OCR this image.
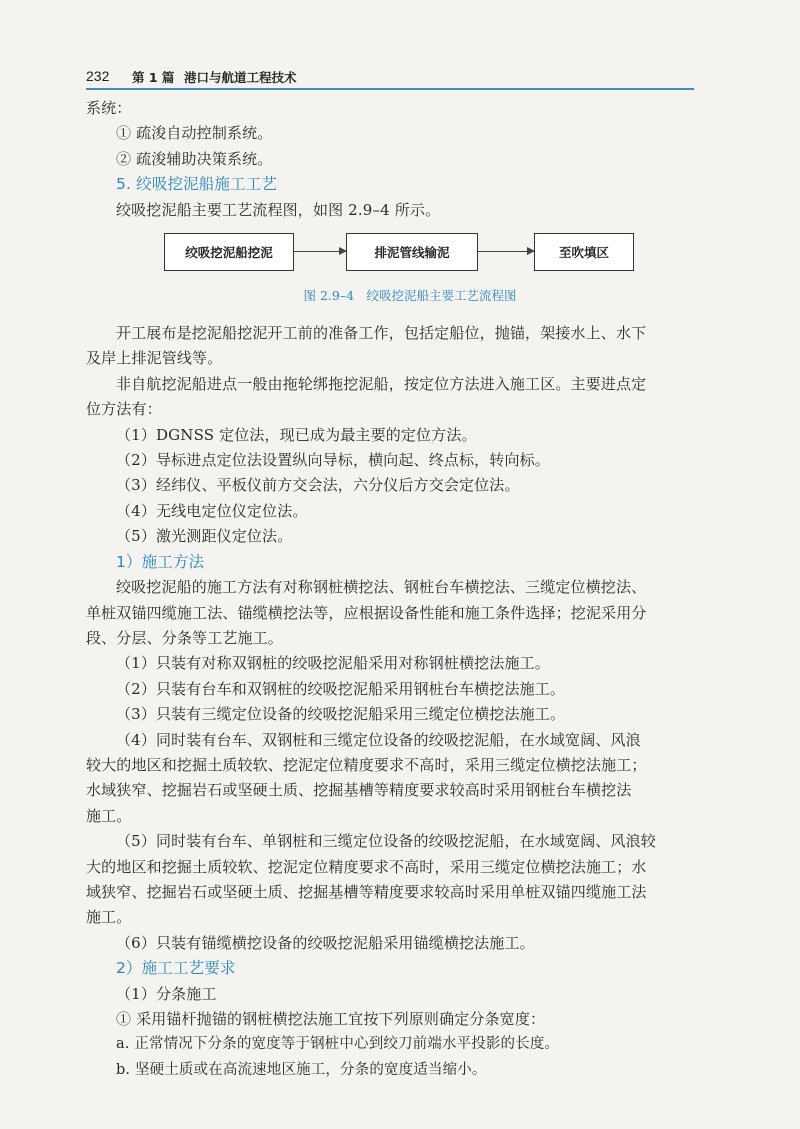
232 第 1 篇 港口与航道工程技术
系统：
① 疏浚自动控制系统。
② 疏浚辅助决策系统。
5. 绞吸挖泥船施工工艺
绞吸挖泥船主要工艺流程图，如图 2.9–4 所示。
绞吸挖泥船挖泥	排泥管线输泥	至吹填区
图 2.9–4　绞吸挖泥船主要工艺流程图
开工展布是挖泥船挖泥开工前的准备工作，包括定船位，抛锚，架接水上、水下
及岸上排泥管线等。
非自航挖泥船进点一般由拖轮绑拖挖泥船，按定位方法进入施工区。主要进点定
位方法有：
（1）DGNSS 定位法，现已成为最主要的定位方法。
（2）导标进点定位法设置纵向导标，横向起、终点标，转向标。
（3）经纬仪、平板仪前方交会法，六分仪后方交会定位法。
（4）无线电定位仪定位法。
（5）激光测距仪定位法。
1）施工方法
绞吸挖泥船的施工方法有对称钢桩横挖法、钢桩台车横挖法、三缆定位横挖法、
单桩双锚四缆施工法、锚缆横挖法等，应根据设备性能和施工条件选择；挖泥采用分
段、分层、分条等工艺施工。
（1）只装有对称双钢桩的绞吸挖泥船采用对称钢桩横挖法施工。
（2）只装有台车和双钢桩的绞吸挖泥船采用钢桩台车横挖法施工。
（3）只装有三缆定位设备的绞吸挖泥船采用三缆定位横挖法施工。
（4）同时装有台车、双钢桩和三缆定位设备的绞吸挖泥船，在水域宽阔、风浪
较大的地区和挖掘土质较软、挖泥定位精度要求不高时，采用三缆定位横挖法施工；
水域狭窄、挖掘岩石或坚硬土质、挖掘基槽等精度要求较高时采用钢桩台车横挖法
施工。
（5）同时装有台车、单钢桩和三缆定位设备的绞吸挖泥船，在水域宽阔、风浪较
大的地区和挖掘土质较软、挖泥定位精度要求不高时，采用三缆定位横挖法施工；水
域狭窄、挖掘岩石或坚硬土质、挖掘基槽等精度要求较高时采用单桩双锚四缆施工法
施工。
（6）只装有锚缆横挖设备的绞吸挖泥船采用锚缆横挖法施工。
2）施工工艺要求
（1）分条施工
① 采用锚杆抛锚的钢桩横挖法施工宜按下列原则确定分条宽度：
a. 正常情况下分条的宽度等于钢桩中心到绞刀前端水平投影的长度。
b. 坚硬土质或在高流速地区施工，分条的宽度适当缩小。
